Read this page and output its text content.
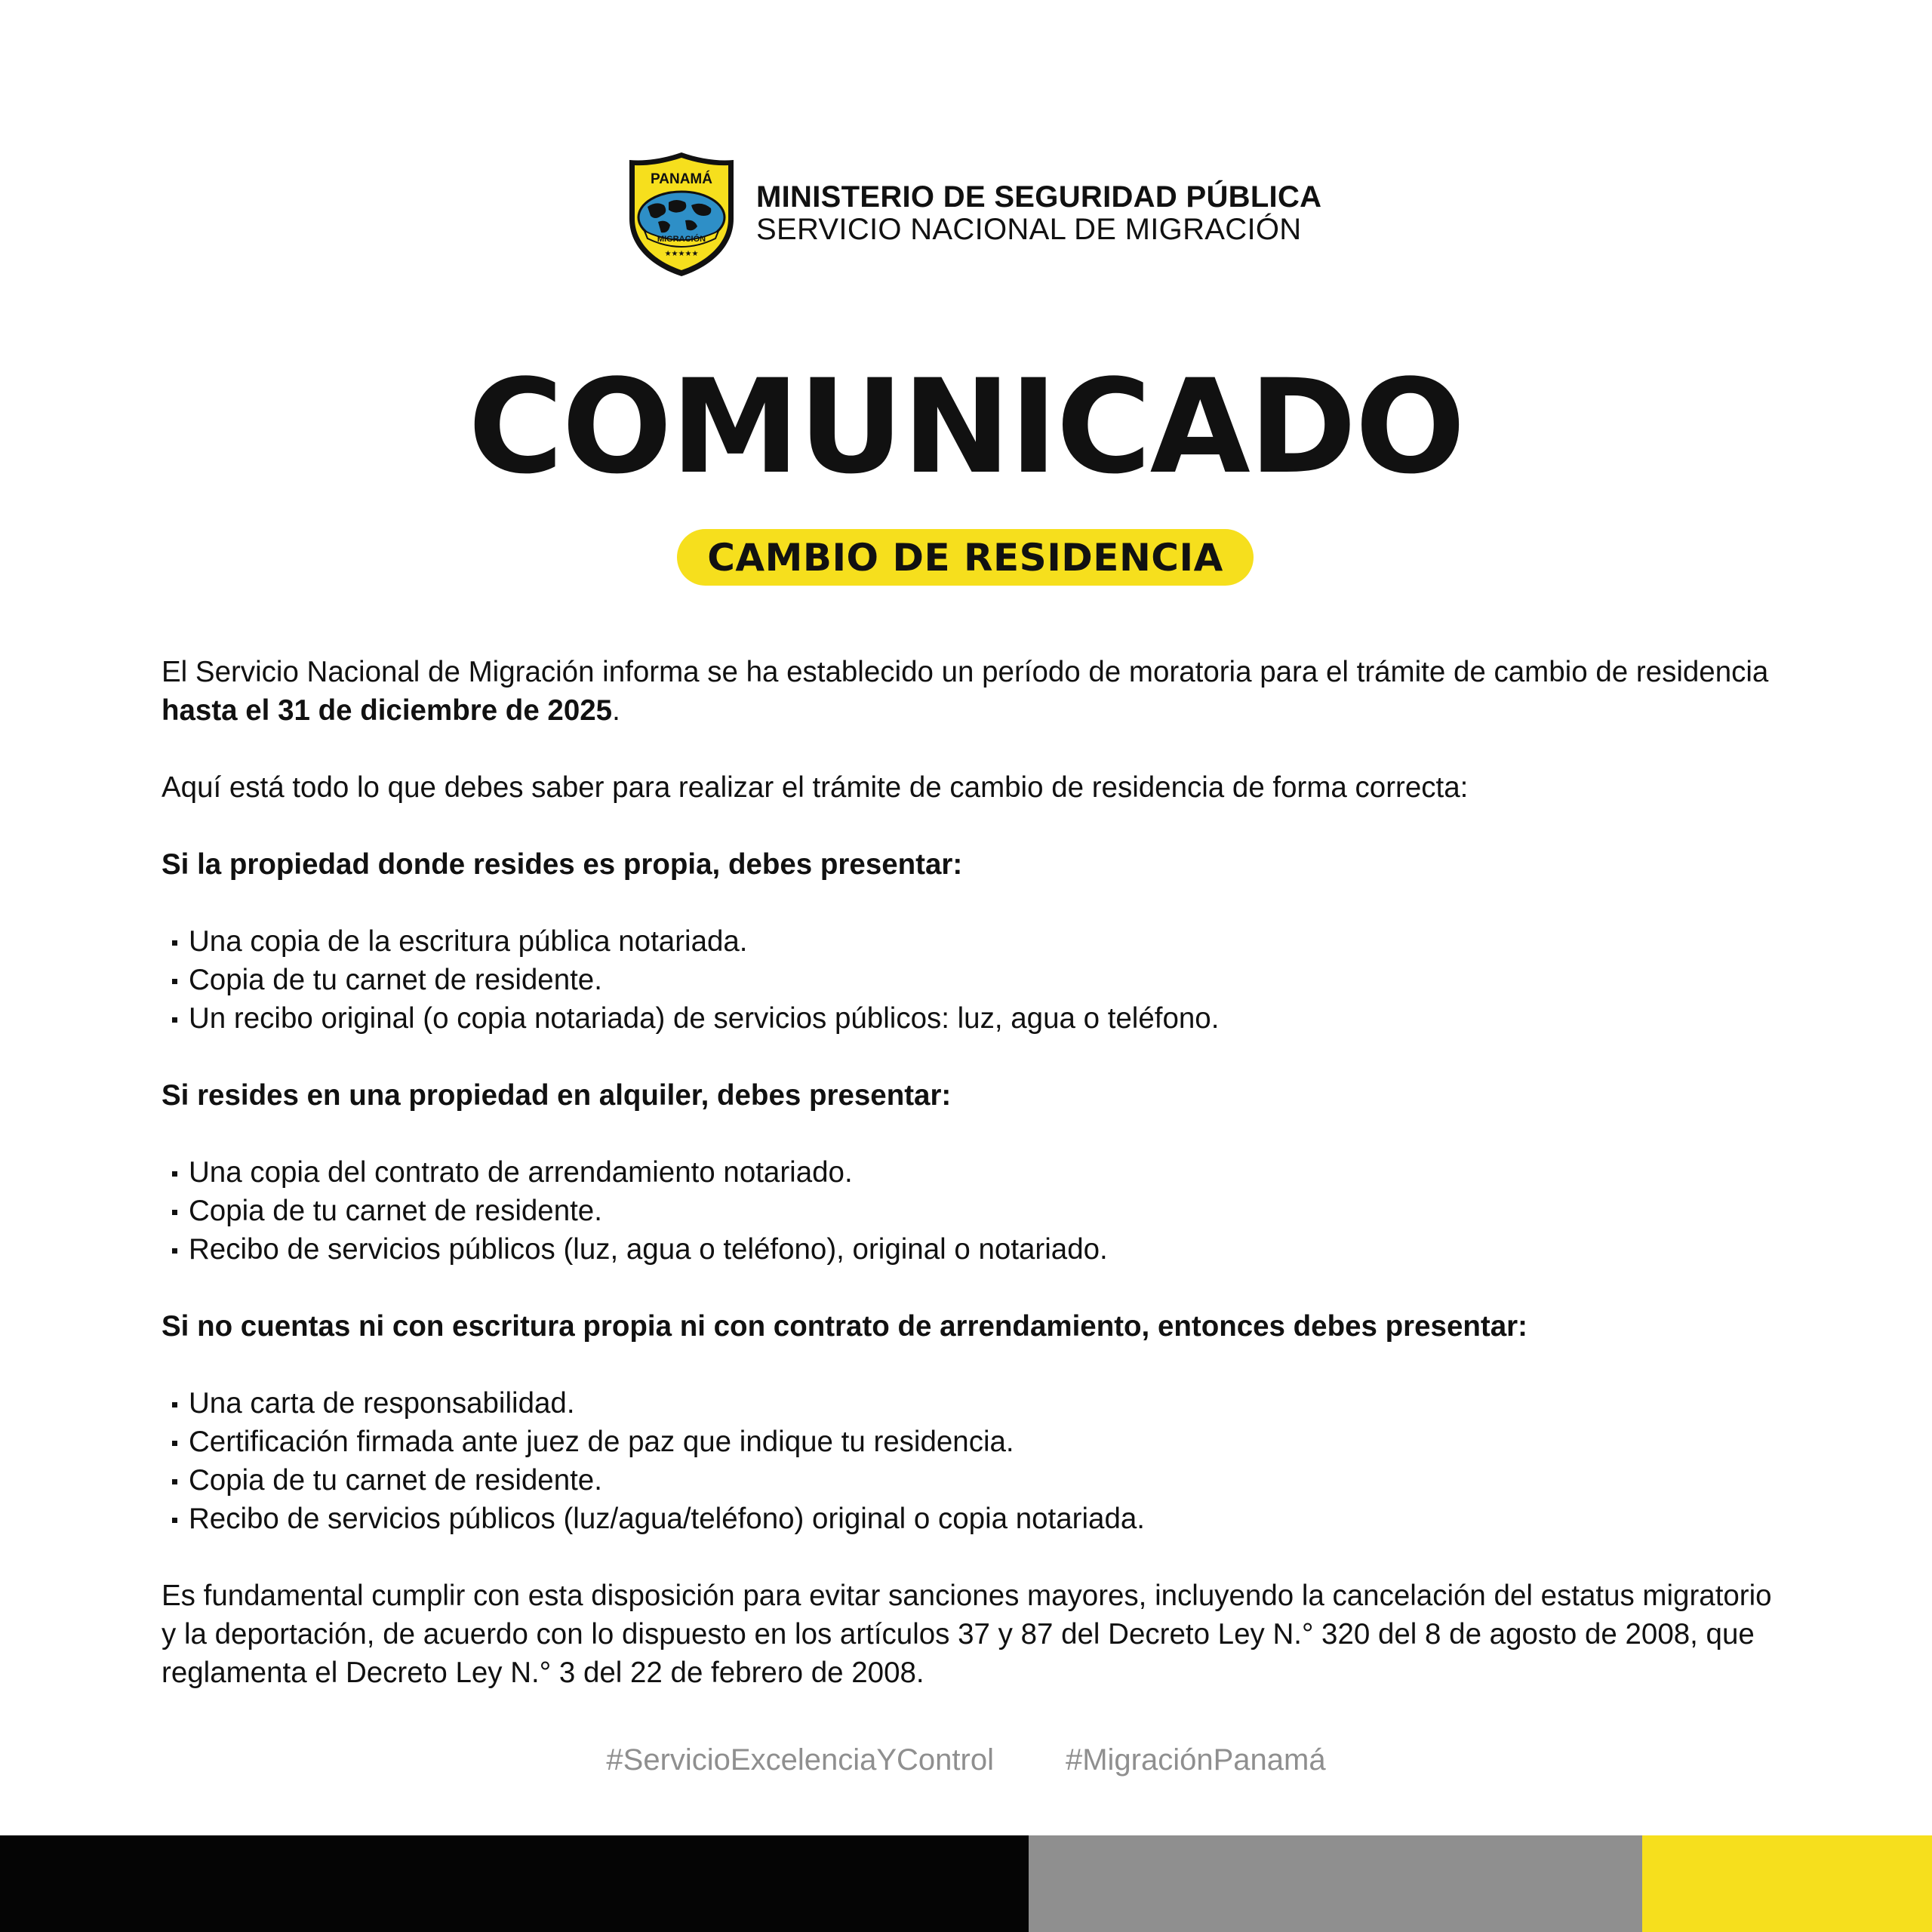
PANAMÁ
MIGRACIÓN
★★★★★
MINISTERIO DE SEGURIDAD PÚBLICA
SERVICIO NACIONAL DE MIGRACIÓN
COMUNICADO
CAMBIO DE RESIDENCIA

El Servicio Nacional de Migración informa se ha establecido un período de moratoria para el trámite de cambio de residencia hasta el 31 de diciembre de 2025.

Aquí está todo lo que debes saber para realizar el trámite de cambio de residencia de forma correcta:

Si la propiedad donde resides es propia, debes presentar:

Una copia de la escritura pública notariada.
Copia de tu carnet de residente.
Un recibo original (o copia notariada) de servicios públicos: luz, agua o teléfono.

Si resides en una propiedad en alquiler, debes presentar:

Una copia del contrato de arrendamiento notariado.
Copia de tu carnet de residente.
Recibo de servicios públicos (luz, agua o teléfono), original o notariado.

Si no cuentas ni con escritura propia ni con contrato de arrendamiento, entonces debes presentar:

Una carta de responsabilidad.
Certificación firmada ante juez de paz que indique tu residencia.
Copia de tu carnet de residente.
Recibo de servicios públicos (luz/agua/teléfono) original o copia notariada.

Es fundamental cumplir con esta disposición para evitar sanciones mayores, incluyendo la cancelación del estatus migratorio y la deportación, de acuerdo con lo dispuesto en los artículos 37 y 87 del Decreto Ley N.° 320 del 8 de agosto de 2008, que reglamenta el Decreto Ley N.° 3 del 22 de febrero de 2008.

#ServicioExcelenciaYControl #MigraciónPanamá
